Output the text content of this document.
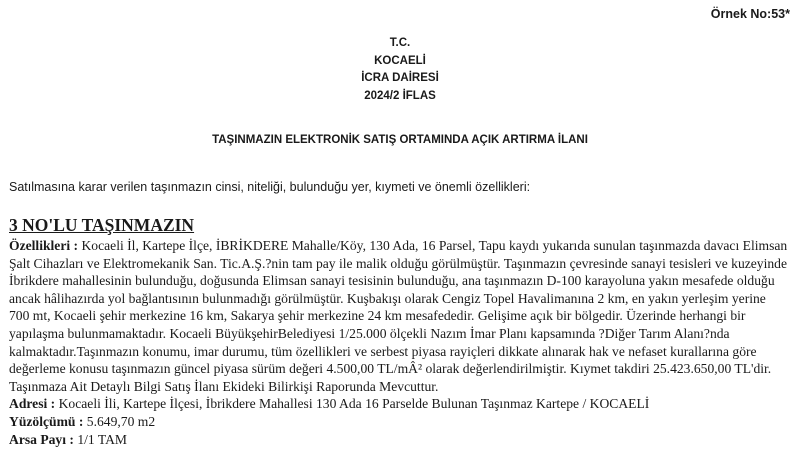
Örnek No:53*
T.C.
KOCAELİ
İCRA DAİRESİ
2024/2 İFLAS
TAŞINMAZIN ELEKTRONİK SATIŞ ORTAMINDA AÇIK ARTIRMA İLANI
Satılmasına karar verilen taşınmazın cinsi, niteliği, bulunduğu yer, kıymeti ve önemli özellikleri:
3 NO'LU TAŞINMAZIN

Özellikleri : Kocaeli İl, Kartepe İlçe, İBRİKDERE Mahalle/Köy, 130 Ada, 16 Parsel, Tapu kaydı yukarıda sunulan taşınmazda davacı Elimsan Şalt Cihazları ve Elektromekanik San. Tic.A.Ş.?nin tam pay ile malik olduğu görülmüştür. Taşınmazın çevresinde sanayi tesisleri ve kuzeyinde İbrikdere mahallesinin bulunduğu, doğusunda Elimsan sanayi tesisinin bulunduğu, ana taşınmazın D-100 karayoluna yakın mesafede olduğu ancak hâlihazırda yol bağlantısının bulunmadığı görülmüştür. Kuşbakışı olarak Cengiz Topel Havalimanına 2 km, en yakın yerleşim yerine 700 mt, Kocaeli şehir merkezine 16 km, Sakarya şehir merkezine 24 km mesafededir. Gelişime açık bir bölgedir. Üzerinde herhangi bir yapılaşma bulunmamaktadır. Kocaeli BüyükşehirBelediyesi 1/25.000 ölçekli Nazım İmar Planı kapsamında ?Diğer Tarım Alanı?nda kalmaktadır.Taşınmazın konumu, imar durumu, tüm özellikleri ve serbest piyasa rayiçleri dikkate alınarak hak ve nefaset kurallarına göre değerleme konusu taşınmazın güncel piyasa sürüm değeri 4.500,00 TL/mÂ² olarak değerlendirilmiştir. Kıymet takdiri 25.423.650,00 TL'dir. Taşınmaza Ait Detaylı Bilgi Satış İlanı Ekideki Bilirkişi Raporunda Mevcuttur.

Adresi : Kocaeli İli, Kartepe İlçesi, İbrikdere Mahallesi 130 Ada 16 Parselde Bulunan Taşınmaz Kartepe / KOCAELİ

Yüzölçümü : 5.649,70 m2

Arsa Payı : 1/1 TAM
